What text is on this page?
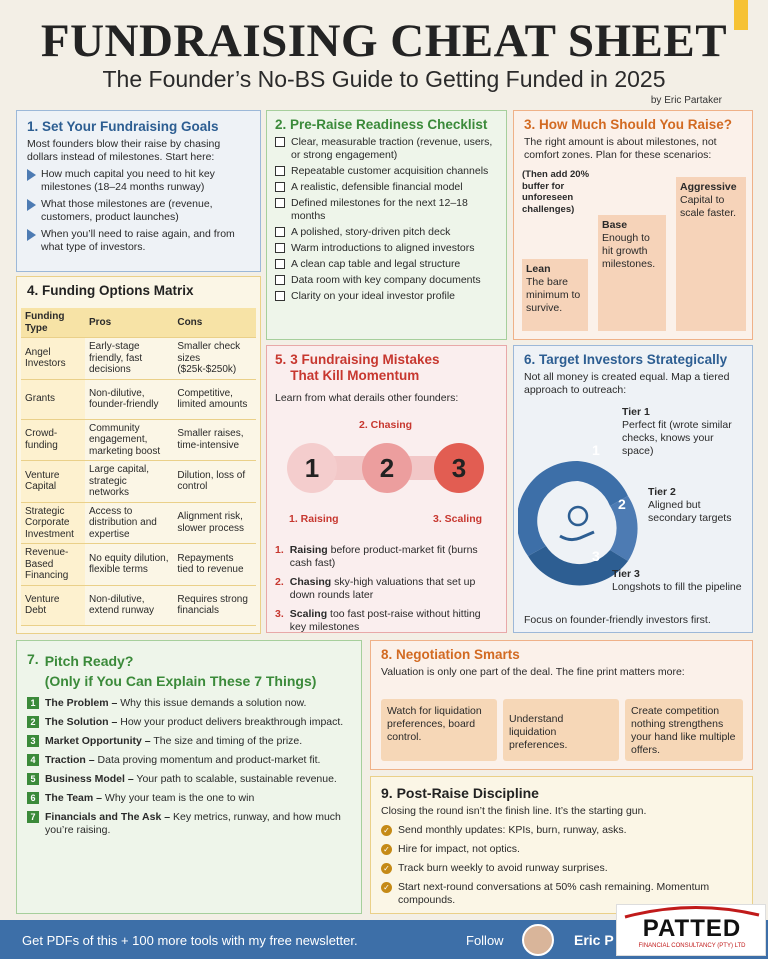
FUNDRAISING CHEAT SHEET
The Founder’s No-BS Guide to Getting Funded in 2025
by Eric Partaker
1. Set Your Fundraising Goals
Most founders blow their raise by chasing dollars instead of milestones. Start here:
How much capital you need to hit key milestones (18–24 months runway)
What those milestones are (revenue, customers, product launches)
When you’ll need to raise again, and from what type of investors.
2. Pre-Raise Readiness Checklist
Clear, measurable traction (revenue, users, or strong engagement)
Repeatable customer acquisition channels
A realistic, defensible financial model
Defined milestones for the next 12–18 months
A polished, story-driven pitch deck
Warm introductions to aligned investors
A clean cap table and legal structure
Data room with key company documents
Clarity on your ideal investor profile
3. How Much Should You Raise?
The right amount is about milestones, not comfort zones. Plan for these scenarios:
(Then add 20% buffer for unforeseen challenges)
Lean
The bare minimum to survive.
Base
Enough to hit growth milestones.
Aggressive
Capital to scale faster.
4. Funding Options Matrix
Funding Type	Pros	Cons
Angel Investors	Early-stage friendly, fast decisions	Smaller check sizes ($25k-$250k)
Grants	Non-dilutive, founder-friendly	Competitive, limited amounts
Crowd-funding	Community engagement, marketing boost	Smaller raises, time-intensive
Venture Capital	Large capital, strategic networks	Dilution, loss of control
Strategic Corporate Investment	Access to distribution and expertise	Alignment risk, slower process
Revenue-Based Financing	No equity dilution, flexible terms	Repayments tied to revenue
Venture Debt	Non-dilutive, extend runway	Requires strong financials
5. 3 Fundraising Mistakes That Kill Momentum
Learn from what derails other founders:
2. Chasing
1	2	3
1. Raising	3. Scaling
1. Raising before product-market fit (burns cash fast)
2. Chasing sky-high valuations that set up down rounds later
3. Scaling too fast post-raise without hitting key milestones
6. Target Investors Strategically
Not all money is created equal. Map a tiered approach to outreach:
1
2
3
Tier 1
Perfect fit (wrote similar checks, knows your space)
Tier 2
Aligned but secondary targets
Tier 3
Longshots to fill the pipeline
Focus on founder-friendly investors first.
7. Pitch Ready?
(Only if You Can Explain These 7 Things)
1 The Problem – Why this issue demands a solution now.
2 The Solution – How your product delivers breakthrough impact.
3 Market Opportunity – The size and timing of the prize.
4 Traction – Data proving momentum and product-market fit.
5 Business Model – Your path to scalable, sustainable revenue.
6 The Team – Why your team is the one to win
7 Financials and The Ask – Key metrics, runway, and how much you’re raising.
8. Negotiation Smarts
Valuation is only one part of the deal. The fine print matters more:
Watch for liquidation preferences, board control.
Understand liquidation preferences.
Create competition nothing strengthens your hand like multiple offers.
9. Post-Raise Discipline
Closing the round isn’t the finish line. It’s the starting gun.
✓ Send monthly updates: KPIs, burn, runway, asks.
✓ Hire for impact, not optics.
✓ Track burn weekly to avoid runway surprises.
✓ Start next-round conversations at 50% cash remaining. Momentum compounds.
Get PDFs of this + 100 more tools with my free newsletter.	Follow	Eric P	PATTED
FINANCIAL CONSULTANCY (PTY) LTD
